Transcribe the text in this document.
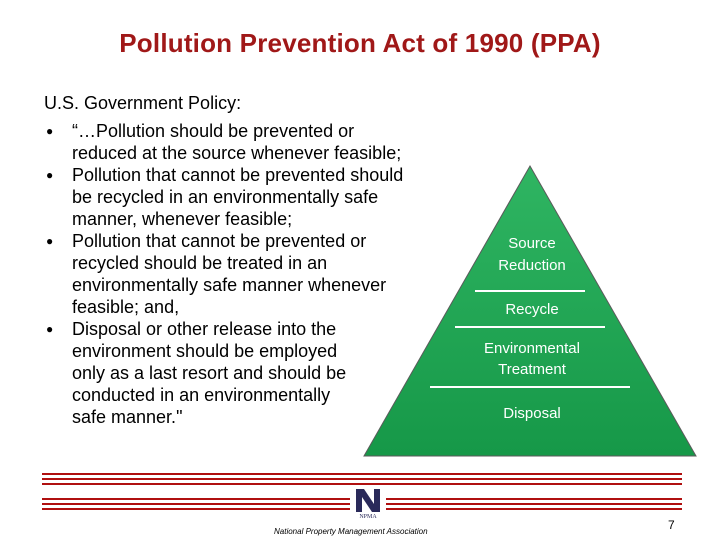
Pollution Prevention Act of 1990 (PPA)
U.S. Government Policy:
● “…Pollution should be prevented or
reduced at the source whenever feasible;
● Pollution that cannot be prevented should
be recycled in an environmentally safe
manner, whenever feasible;
● Pollution that cannot be prevented or
recycled should be treated in an
environmentally safe manner whenever
feasible; and,
● Disposal or other release into the
environment should be employed
only as a last resort and should be
conducted in an environmentally
safe manner."
Source
Reduction
Recycle
Environmental
Treatment
Disposal
NPMA
National Property Management Association	7
